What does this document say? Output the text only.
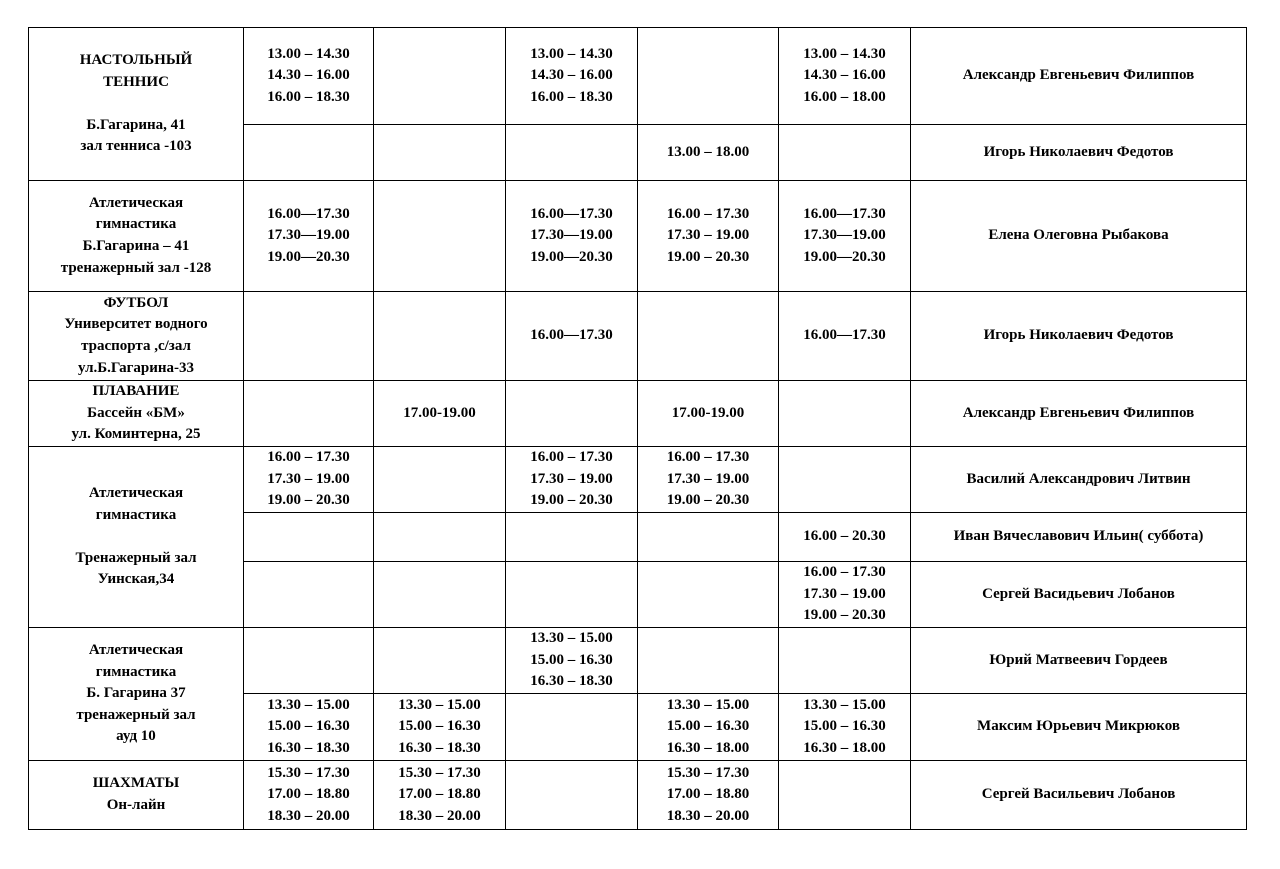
НАСТОЛЬНЫЙ
ТЕННИС
Б.Гагарина, 41
зал тенниса -103	13.00 – 14.30
14.30 – 16.00
16.00 – 18.30		13.00 – 14.30
14.30 – 16.00
16.00 – 18.30		13.00 – 14.30
14.30 – 16.00
16.00 – 18.00	Александр Евгеньевич Филиппов

				13.00 – 18.00		Игорь Николаевич Федотов

Атлетическая
гимнастика
Б.Гагарина – 41
тренажерный зал -128	16.00—17.30
17.30—19.00
19.00—20.30		16.00—17.30
17.30—19.00
19.00—20.30	16.00 – 17.30
17.30 – 19.00
19.00 – 20.30	16.00—17.30
17.30—19.00
19.00—20.30	Елена Олеговна Рыбакова

ФУТБОЛ
Университет водного
траспорта ,с/зал
ул.Б.Гагарина-33			16.00—17.30		16.00—17.30	Игорь Николаевич Федотов

ПЛАВАНИЕ
Бассейн «БМ»
ул. Коминтерна, 25		17.00-19.00		17.00-19.00		Александр Евгеньевич Филиппов

Атлетическая
гимнастика
Тренажерный зал
Уинская,34	16.00 – 17.30
17.30 – 19.00
19.00 – 20.30		16.00 – 17.30
17.30 – 19.00
19.00 – 20.30	16.00 – 17.30
17.30 – 19.00
19.00 – 20.30		Василий Александрович Литвин

					16.00 – 20.30	Иван Вячеславович Ильин( суббота)

					16.00 – 17.30
17.30 – 19.00
19.00 – 20.30	Сергей Васидьевич Лобанов

Атлетическая
гимнастика
Б. Гагарина 37
тренажерный зал
ауд 10			13.30 – 15.00
15.00 – 16.30
16.30 – 18.30			Юрий Матвеевич Гордеев

	13.30 – 15.00
15.00 – 16.30
16.30 – 18.30	13.30 – 15.00
15.00 – 16.30
16.30 – 18.30		13.30 – 15.00
15.00 – 16.30
16.30 – 18.00	13.30 – 15.00
15.00 – 16.30
16.30 – 18.00	Максим Юрьевич Микрюков

ШАХМАТЫ
Он-лайн	15.30 – 17.30
17.00 – 18.80
18.30 – 20.00	15.30 – 17.30
17.00 – 18.80
18.30 – 20.00		15.30 – 17.30
17.00 – 18.80
18.30 – 20.00		Сергей Васильевич Лобанов
